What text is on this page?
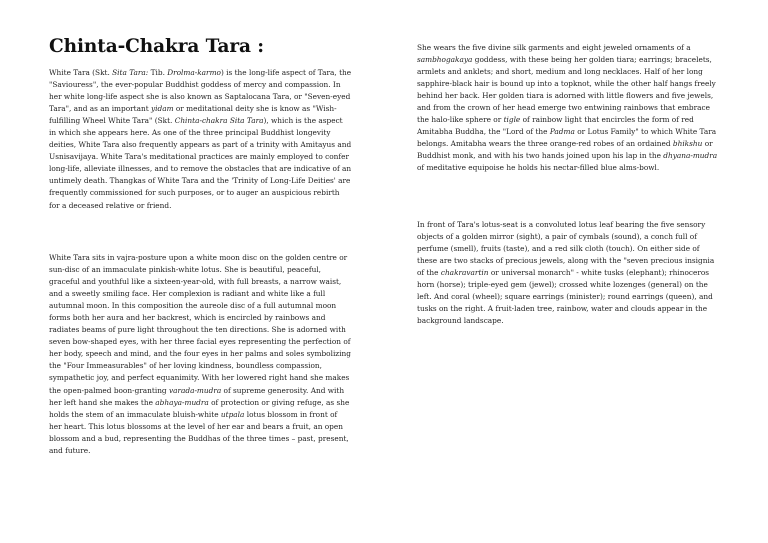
Chinta-Chakra Tara :

White Tara (Skt. Sita Tara: Tib. Drolma-karmo) is the long-life aspect of Tara, the "Saviouress", the ever-popular Buddhist goddess of mercy and compassion. In her white long-life aspect she is also known as Saptalocana Tara, or "Seven-eyed Tara", and as an important yidam or meditational deity she is know as "Wish-fulfilling Wheel White Tara" (Skt. Chinta-chakra Sita Tara), which is the aspect in which she appears here. As one of the three principal Buddhist longevity deities, White Tara also frequently appears as part of a trinity with Amitayus and Usnisavijaya. White Tara's meditational practices are mainly employed to confer long-life, alleviate illnesses, and to remove the obstacles that are indicative of an untimely death. Thangkas of White Tara and the 'Trinity of Long-Life Deities' are frequently commissioned for such purposes, or to auger an auspicious rebirth for a deceased relative or friend.

White Tara sits in vajra-posture upon a white moon disc on the golden centre or sun-disc of an immaculate pinkish-white lotus. She is beautiful, peaceful, graceful and youthful like a sixteen-year-old, with full breasts, a narrow waist, and a sweetly smiling face. Her complexion is radiant and white like a full autumnal moon. In this composition the aureole disc of a full autumnal moon forms both her aura and her backrest, which is encircled by rainbows and radiates beams of pure light throughout the ten directions. She is adorned with seven bow-shaped eyes, with her three facial eyes representing the perfection of her body, speech and mind, and the four eyes in her palms and soles symbolizing the "Four Immeasurables" of her loving kindness, boundless compassion, sympathetic joy, and perfect equanimity. With her lowered right hand she makes the open-palmed boon-granting varada-mudra of supreme generosity. And with her left hand she makes the abhaya-mudra of protection or giving refuge, as she holds the stem of an immaculate bluish-white utpala lotus blossom in front of her heart. This lotus blossoms at the level of her ear and bears a fruit, an open blossom and a bud, representing the Buddhas of the three times – past, present, and future.

She wears the five divine silk garments and eight jeweled ornaments of a sambhogakaya goddess, with these being her golden tiara; earrings; bracelets, armlets and anklets; and short, medium and long necklaces. Half of her long sapphire-black hair is bound up into a topknot, while the other half hangs freely behind her back. Her golden tiara is adorned with little flowers and five jewels, and from the crown of her head emerge two entwining rainbows that embrace the halo-like sphere or tigle of rainbow light that encircles the form of red Amitabha Buddha, the "Lord of the Padma or Lotus Family" to which White Tara belongs. Amitabha wears the three orange-red robes of an ordained bhikshu or Buddhist monk, and with his two hands joined upon his lap in the dhyana-mudra of meditative equipoise he holds his nectar-filled blue alms-bowl.

In front of Tara's lotus-seat is a convoluted lotus leaf bearing the five sensory objects of a golden mirror (sight), a pair of cymbals (sound), a conch full of perfume (smell), fruits (taste), and a red silk cloth (touch). On either side of these are two stacks of precious jewels, along with the "seven precious insignia of the chakravartin or universal monarch" - white tusks (elephant); rhinoceros horn (horse); triple-eyed gem (jewel); crossed white lozenges (general) on the left. And coral (wheel); square earrings (minister); round earrings (queen), and tusks on the right. A fruit-laden tree, rainbow, water and clouds appear in the background landscape.
